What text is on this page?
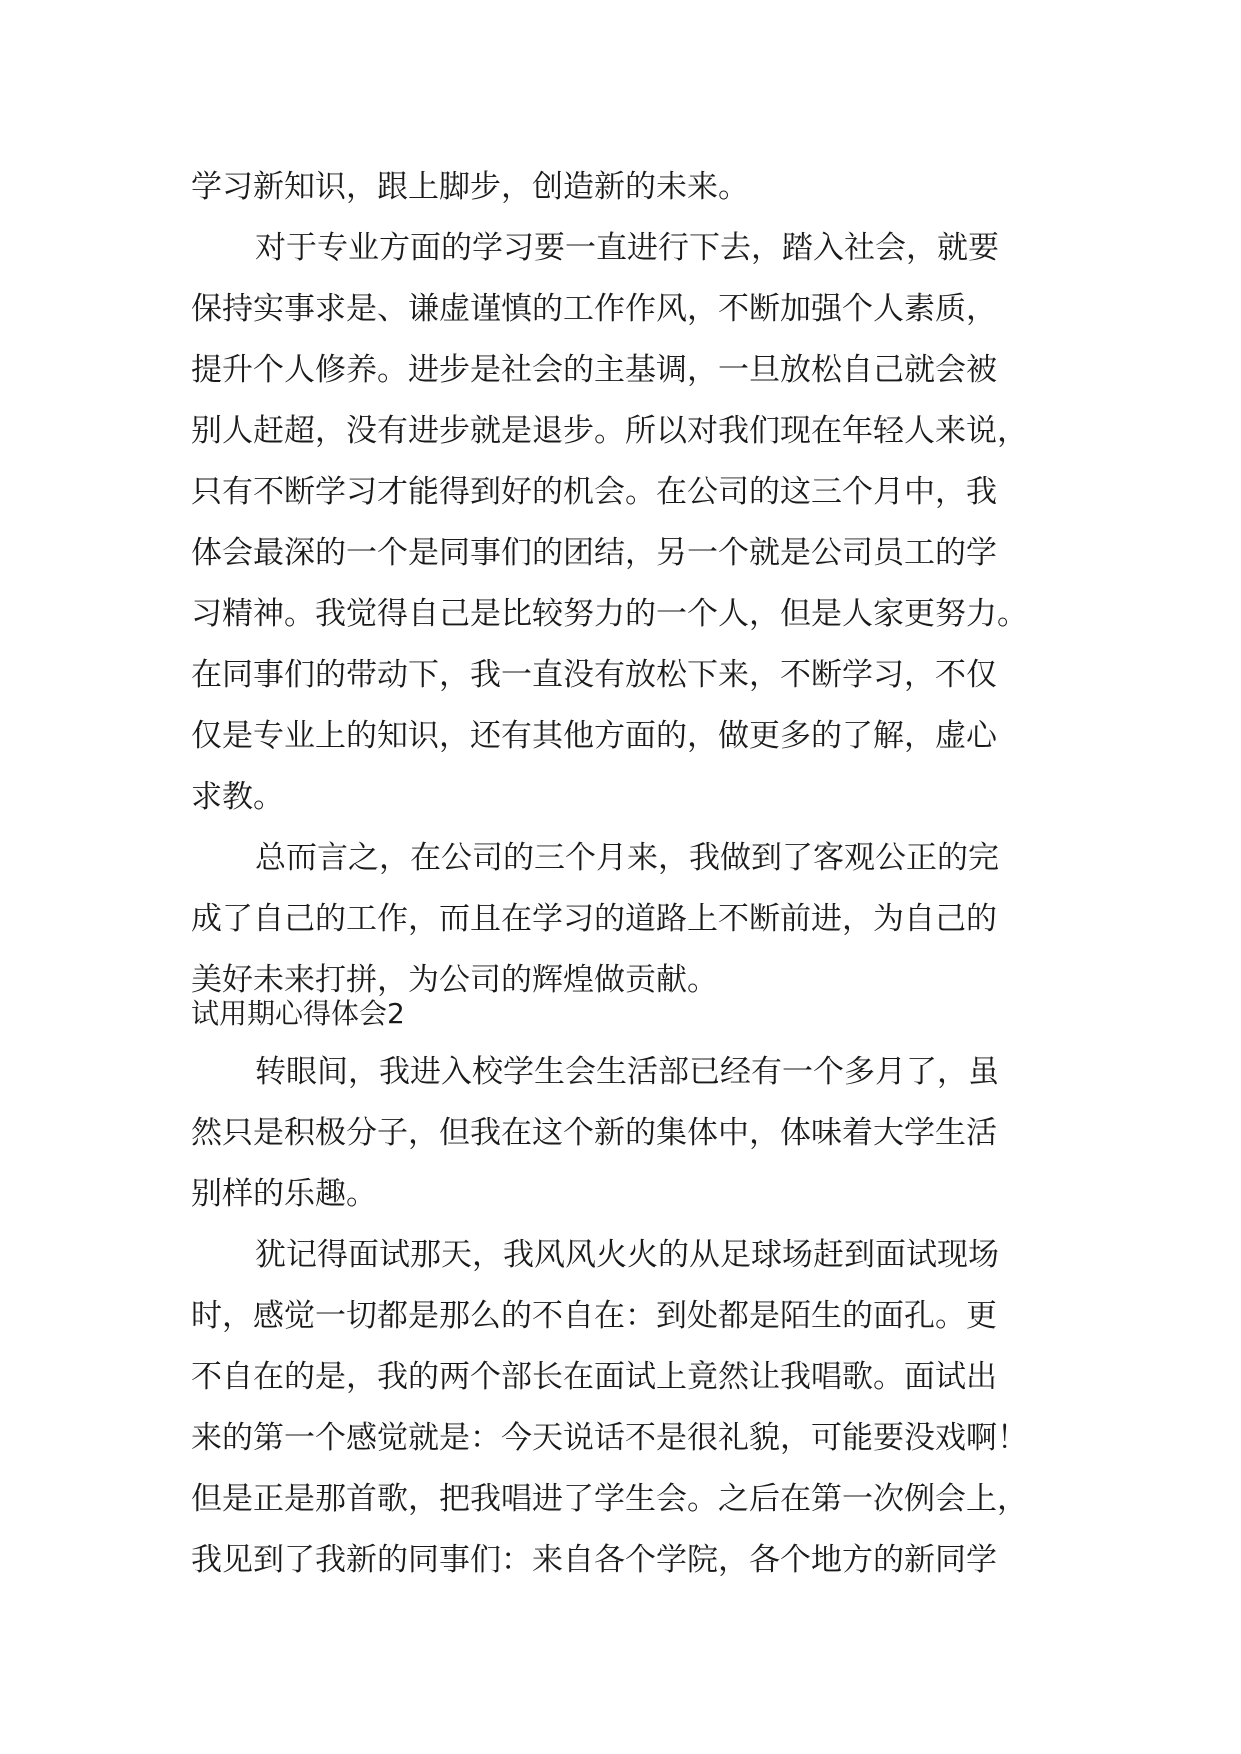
学习新知识，跟上脚步，创造新的未来。

对于专业方面的学习要一直进行下去，踏入社会，就要

保持实事求是、谦虚谨慎的工作作风，不断加强个人素质，

提升个人修养。进步是社会的主基调，一旦放松自己就会被

别人赶超，没有进步就是退步。所以对我们现在年轻人来说，

只有不断学习才能得到好的机会。在公司的这三个月中，我

体会最深的一个是同事们的团结，另一个就是公司员工的学

习精神。我觉得自己是比较努力的一个人，但是人家更努力。

在同事们的带动下，我一直没有放松下来，不断学习，不仅

仅是专业上的知识，还有其他方面的，做更多的了解，虚心

求教。

总而言之，在公司的三个月来，我做到了客观公正的完

成了自己的工作，而且在学习的道路上不断前进，为自己的

美好未来打拼，为公司的辉煌做贡献。

试用期心得体会2

转眼间，我进入校学生会生活部已经有一个多月了，虽

然只是积极分子，但我在这个新的集体中，体味着大学生活

别样的乐趣。

犹记得面试那天，我风风火火的从足球场赶到面试现场

时，感觉一切都是那么的不自在：到处都是陌生的面孔。更

不自在的是，我的两个部长在面试上竟然让我唱歌。面试出

来的第一个感觉就是：今天说话不是很礼貌，可能要没戏啊！

但是正是那首歌，把我唱进了学生会。之后在第一次例会上，

我见到了我新的同事们：来自各个学院，各个地方的新同学
